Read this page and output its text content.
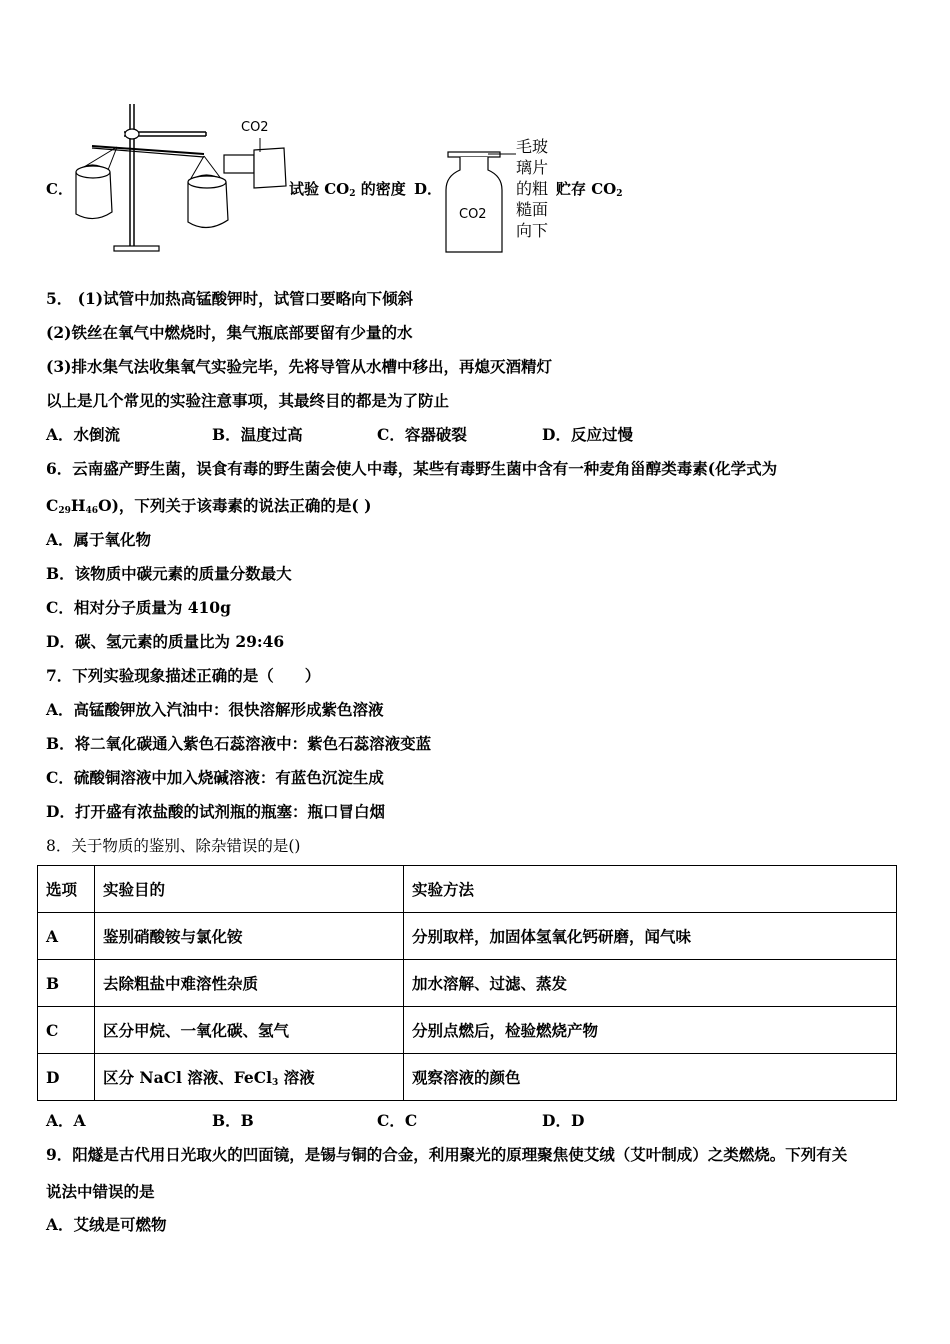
C．
CO2
试验 $CO_2$ 的密度 D．
CO2
毛玻璃片的粗糙面向下
贮存 $CO_2$
5． (1)试管中加热高锰酸钾时，试管口要略向下倾斜
(2)铁丝在氧气中燃烧时，集气瓶底部要留有少量的水
(3)排水集气法收集氧气实验完毕，先将导管从水槽中移出，再熄灭酒精灯
以上是几个常见的实验注意事项，其最终目的都是为了防止
A．水倒流	B．温度过高	C．容器破裂	D．反应过慢
6．云南盛产野生菌，误食有毒的野生菌会使人中毒，某些有毒野生菌中含有一种麦角甾醇类毒素(化学式为
$C_{29}H_{46}O$)，下列关于该毒素的说法正确的是( )
A．属于氧化物
B．该物质中碳元素的质量分数最大
C．相对分子质量为 410g
D．碳、氢元素的质量比为 29:46
7．下列实验现象描述正确的是（　　）
A．高锰酸钾放入汽油中：很快溶解形成紫色溶液
B．将二氧化碳通入紫色石蕊溶液中：紫色石蕊溶液变蓝
C．硫酸铜溶液中加入烧碱溶液：有蓝色沉淀生成
D．打开盛有浓盐酸的试剂瓶的瓶塞：瓶口冒白烟
8．关于物质的鉴别、除杂错误的是()
选项	实验目的	实验方法
A	鉴别硝酸铵与氯化铵	分别取样，加固体氢氧化钙研磨，闻气味
B	去除粗盐中难溶性杂质	加水溶解、过滤、蒸发
C	区分甲烷、一氧化碳、氢气	分别点燃后，检验燃烧产物
D	区分 NaCl 溶液、FeCl$_3$ 溶液	观察溶液的颜色
A．A	B．B	C．C	D．D
9．阳燧是古代用日光取火的凹面镜，是锡与铜的合金，利用聚光的原理聚焦使艾绒（艾叶制成）之类燃烧。下列有关
说法中错误的是
A．艾绒是可燃物
